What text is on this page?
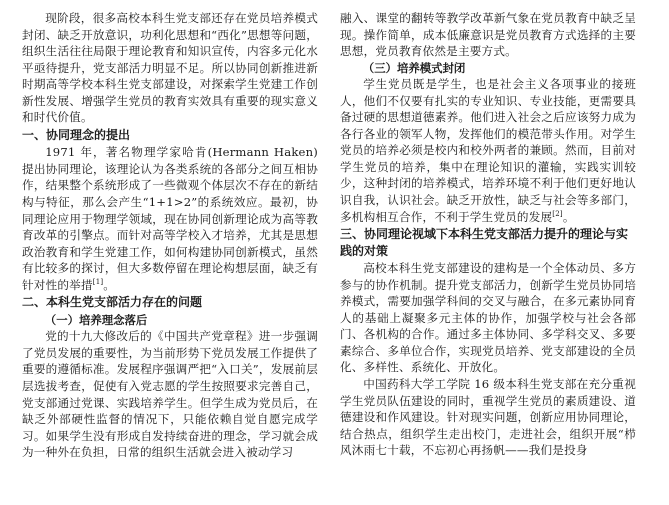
现阶段，很多高校本科生党支部还存在党员培养模式封闭、缺乏开放意识，功利化思想和“西化”思想等问题，组织生活往往局限于理论教育和知识宣传，内容多元化水平亟待提升，党支部活力明显不足。所以协同创新推进新时期高等学校本科生党支部建设，对探索学生党建工作创新性发展、增强学生党员的教育实效具有重要的现实意义和时代价值。

一、协同理念的提出

1971 年，著名物理学家哈肯(Hermann Haken)提出协同理论，该理论认为各类系统的各部分之间互相协作，结果整个系统形成了一些微观个体层次不存在的新结构与特征，那么会产生“1+1>2”的系统效应。最初，协同理论应用于物理学领域，现在协同创新理论成为高等教育改革的引擎点。而针对高等学校入才培养，尤其是思想政治教育和学生党建工作，如何构建协同创新模式，虽然有比较多的探讨，但大多数停留在理论构想层面，缺乏有针对性的举措[1]。

二、本科生党支部活力存在的问题
（一）培养理念落后

党的十九大修改后的《中国共产党章程》进一步强调了党员发展的重要性，为当前形势下党员发展工作提供了重要的遵循标准。发展程序强调严把“入口关”，发展前层层选拔考查，促使有入党志愿的学生按照要求完善自己，党支部通过党课、实践培养学生。但学生成为党员后，在缺乏外部硬性监督的情况下，只能依赖自觉自愿完成学习。如果学生没有形成自发持续奋进的理念，学习就会成为一种外在负担，日常的组织生活就会进入被动学习

融入、课堂的翻转等教学改革新气象在党员教育中缺乏呈现。操作简单，成本低廉意识是党员教育方式选择的主要思想，党员教育依然是主要方式。

（三）培养模式封闭

学生党员既是学生，也是社会主义各项事业的接班人，他们不仅要有扎实的专业知识、专业技能，更需要具备过硬的思想道德素养。他们进入社会之后应该努力成为各行各业的领军人物，发挥他们的模范带头作用。对学生党员的培养必须是校内和校外两者的兼顾。然而，目前对学生党员的培养，集中在理论知识的灌输，实践实训较少，这种封闭的培养模式，培养环境不利于他们更好地认识自我，认识社会。缺乏开放性，缺乏与社会等多部门，多机构相互合作，不利于学生党员的发展[2]。

三、协同理论视域下本科生党支部活力提升的理论与实践的对策

高校本科生党支部建设的建构是一个全体动员、多方参与的协作机制。提升党支部活力，创新学生党员协同培养模式，需要加强学科间的交叉与融合，在多元素协同育人的基础上凝聚多元主体的协作，加强学校与社会各部门、各机构的合作。通过多主体协同、多学科交叉、多要素综合、多单位合作，实现党员培养、党支部建设的全员化、多样性、系统化、开放化。

中国药科大学工学院 16 级本科生党支部在充分重视学生党员队伍建设的同时，重视学生党员的素质建设、道德建设和作风建设。针对现实问题，创新应用协同理论，结合热点，组织学生走出校门，走进社会，组织开展“栉风沐雨七十载，不忘初心再扬帆——我们是投身
